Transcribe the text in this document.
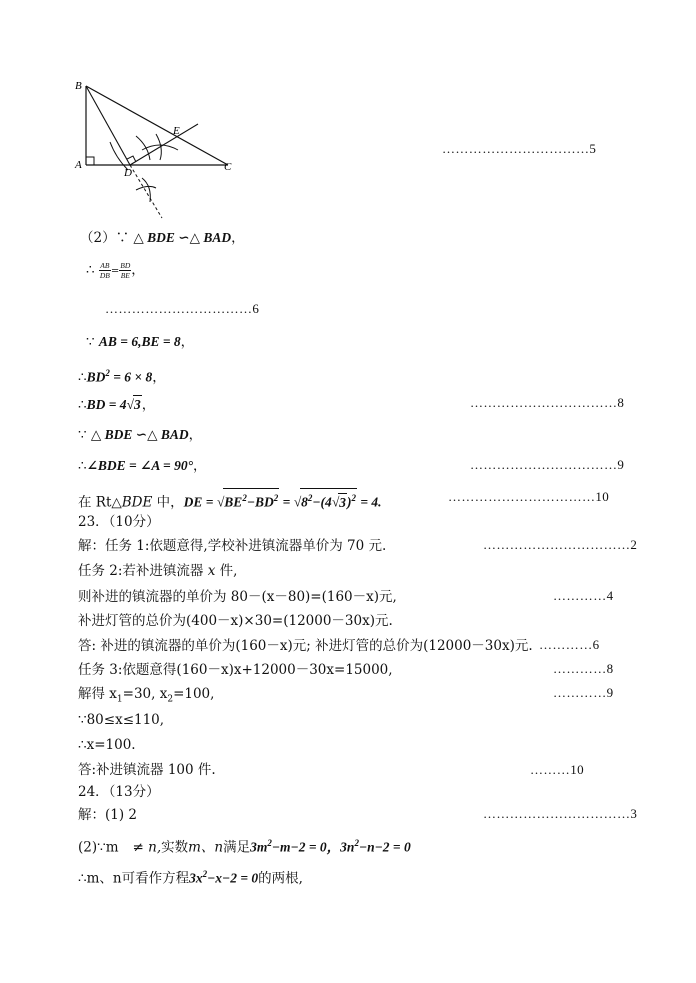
B
A
D
E
C
……………………………5
（2）∵ △ BDE ∽△ BAD，
∴ $\frac{AB}{DB} = \frac{BD}{BE}$ ，
……………………………6
∵ AB = 6,BE = 8，
$\therefore BD^2 = 6 \times 8$，
∴BD = 4√3，	……………………………8
∵ △ BDE ∽△ BAD，
∴∠BDE = ∠A = 90°，	……………………………9
在 Rt△BDE 中，DE = $√BE^2-BD^2 = √8^2-(4√3)^2 = 4$.	……………………………10
23．（10分）
解：任务 1:依题意得,学校补进镇流器单价为 70 元.	……………………………2
任务 2:若补进镇流器 x 件,
则补进的镇流器的单价为 80－(x－80)=(160－x)元,	…………4
补进灯管的总价为(400－x)×30=(12000－30x)元.
答: 补进的镇流器的单价为(160－x)元; 补进灯管的总价为(12000－30x)元. …………6
任务 3:依题意得(160－x)x+12000－30x=15000,	…………8
解得 $x_1=30$, $x_2=100$,	…………9
∵80≤x≤110,
∴x=100.
答:补进镇流器 100 件.	………10
24．（13分）
解：(1) 2	……………………………3
(2)∵m ≠ n,实数m、n满足$3m^2-m-2 = 0$，$3n^2-n-2 = 0$
∴m、n可看作方程$3x^2-x-2 = 0$的两根,
